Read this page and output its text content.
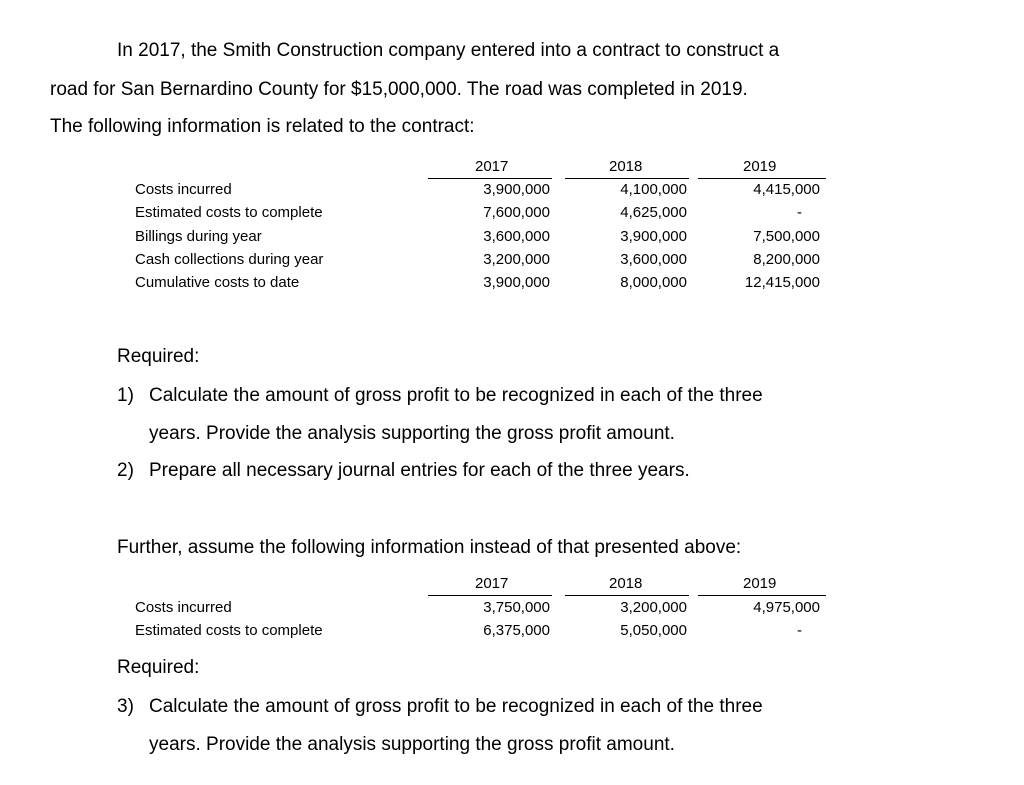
In 2017, the Smith Construction company entered into a contract to construct a
road for San Bernardino County for $15,000,000. The road was completed in 2019.
The following information is related to the contract:
2017	2018	2019
Costs incurred	3,900,000	4,100,000	4,415,000
Estimated costs to complete	7,600,000	4,625,000	-
Billings during year	3,600,000	3,900,000	7,500,000
Cash collections during year	3,200,000	3,600,000	8,200,000
Cumulative costs to date	3,900,000	8,000,000	12,415,000
Required:
1) Calculate the amount of gross profit to be recognized in each of the three
years. Provide the analysis supporting the gross profit amount.
2) Prepare all necessary journal entries for each of the three years.
Further, assume the following information instead of that presented above:
2017	2018	2019
Costs incurred	3,750,000	3,200,000	4,975,000
Estimated costs to complete	6,375,000	5,050,000	-
Required:
3) Calculate the amount of gross profit to be recognized in each of the three
years. Provide the analysis supporting the gross profit amount.
